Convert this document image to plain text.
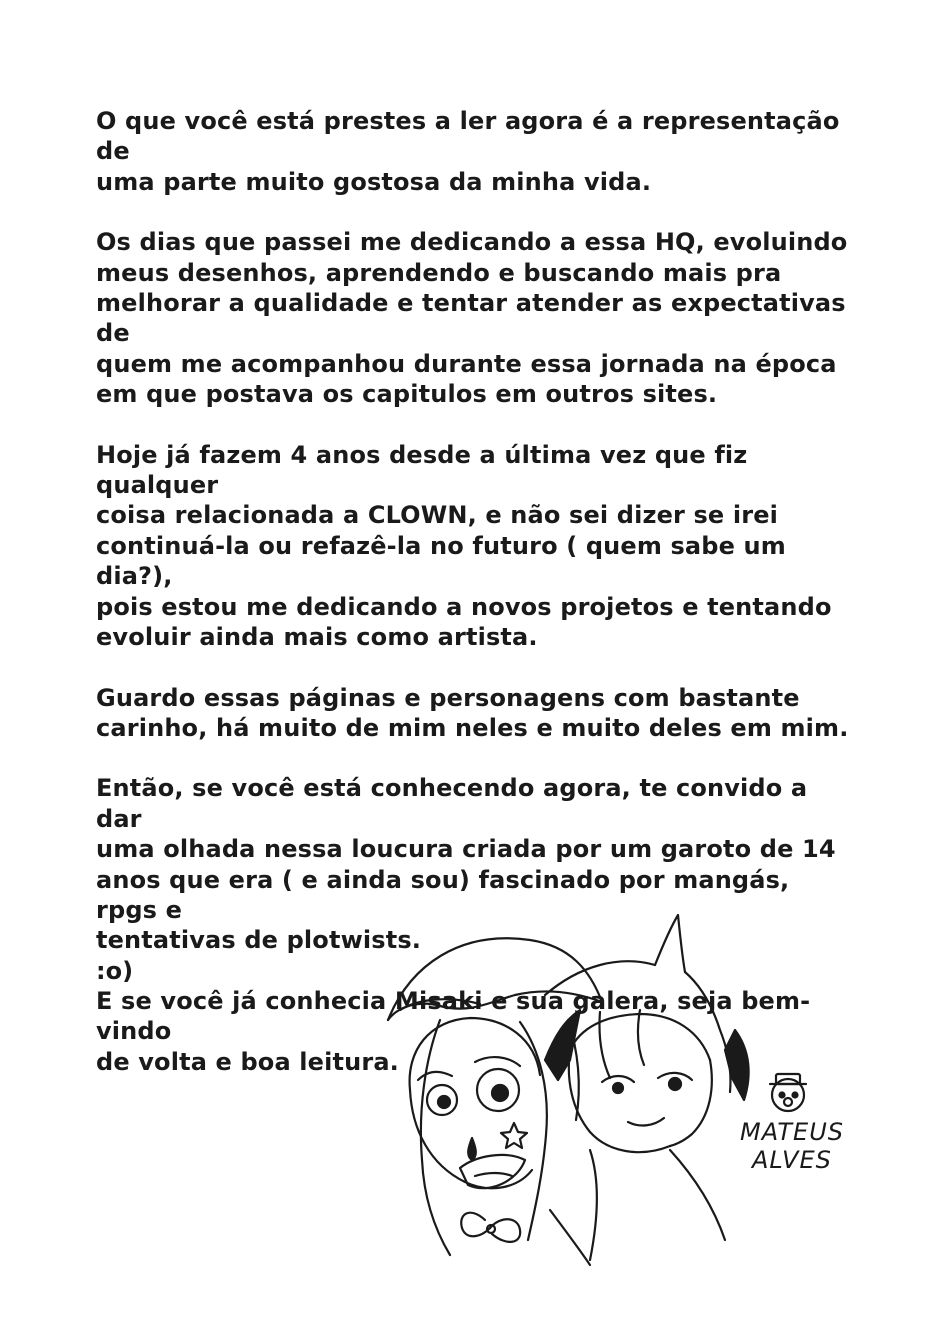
O que você está prestes a ler agora é a representação de
uma parte muito gostosa da minha vida.

Os dias que passei me dedicando a essa HQ, evoluindo
meus desenhos, aprendendo e buscando mais pra
melhorar a qualidade e tentar atender as expectativas de
quem me acompanhou durante essa jornada na época
em que postava os capitulos em outros sites.

Hoje já fazem 4 anos desde a última vez que fiz qualquer
coisa relacionada a CLOWN, e não sei dizer se irei
continuá-la ou refazê-la no futuro ( quem sabe um dia?),
pois estou me dedicando a novos projetos e tentando
evoluir ainda mais como artista.

Guardo essas páginas e personagens com bastante
carinho, há muito de mim neles e muito deles em mim.

Então, se você está conhecendo agora, te convido a dar
uma olhada nessa loucura criada por um garoto de 14
anos que era ( e ainda sou) fascinado por mangás, rpgs e
tentativas de plotwists.

E se você já conhecia Misaki e sua galera, seja bem-vindo
de volta e boa leitura.

:o)

MATEUS
ALVES
